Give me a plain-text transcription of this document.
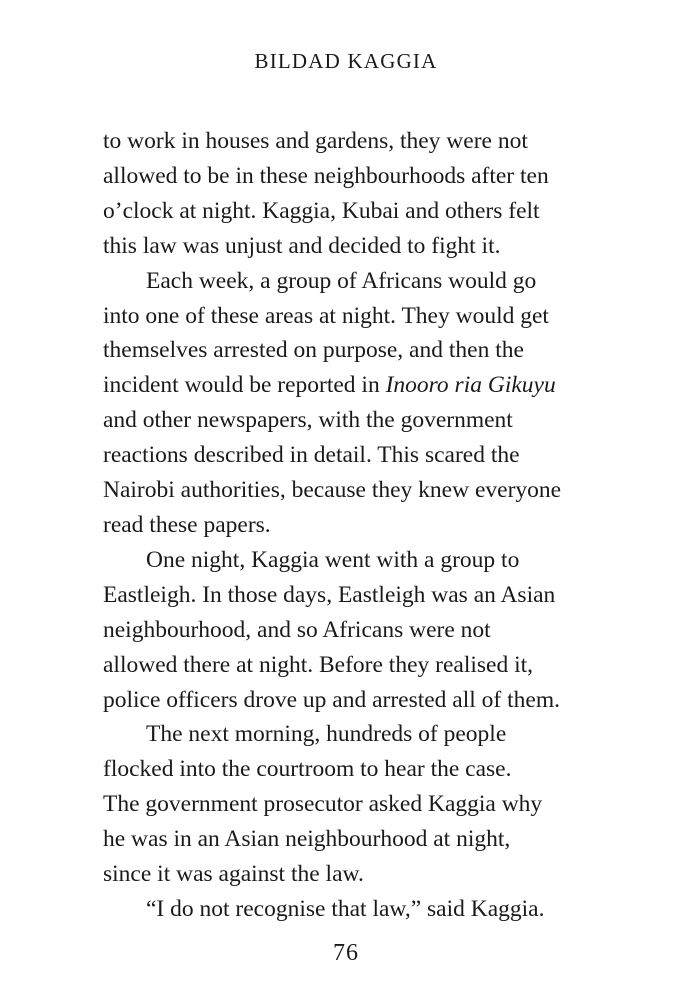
BILDAD KAGGIA
to work in houses and gardens, they were not
allowed to be in these neighbourhoods after ten
o’clock at night. Kaggia, Kubai and others felt
this law was unjust and decided to fight it.
Each week, a group of Africans would go
into one of these areas at night. They would get
themselves arrested on purpose, and then the
incident would be reported in Inooro ria Gikuyu
and other newspapers, with the government
reactions described in detail. This scared the
Nairobi authorities, because they knew everyone
read these papers.
One night, Kaggia went with a group to
Eastleigh. In those days, Eastleigh was an Asian
neighbourhood, and so Africans were not
allowed there at night. Before they realised it,
police officers drove up and arrested all of them.
The next morning, hundreds of people
flocked into the courtroom to hear the case.
The government prosecutor asked Kaggia why
he was in an Asian neighbourhood at night,
since it was against the law.
“I do not recognise that law,” said Kaggia.
76
